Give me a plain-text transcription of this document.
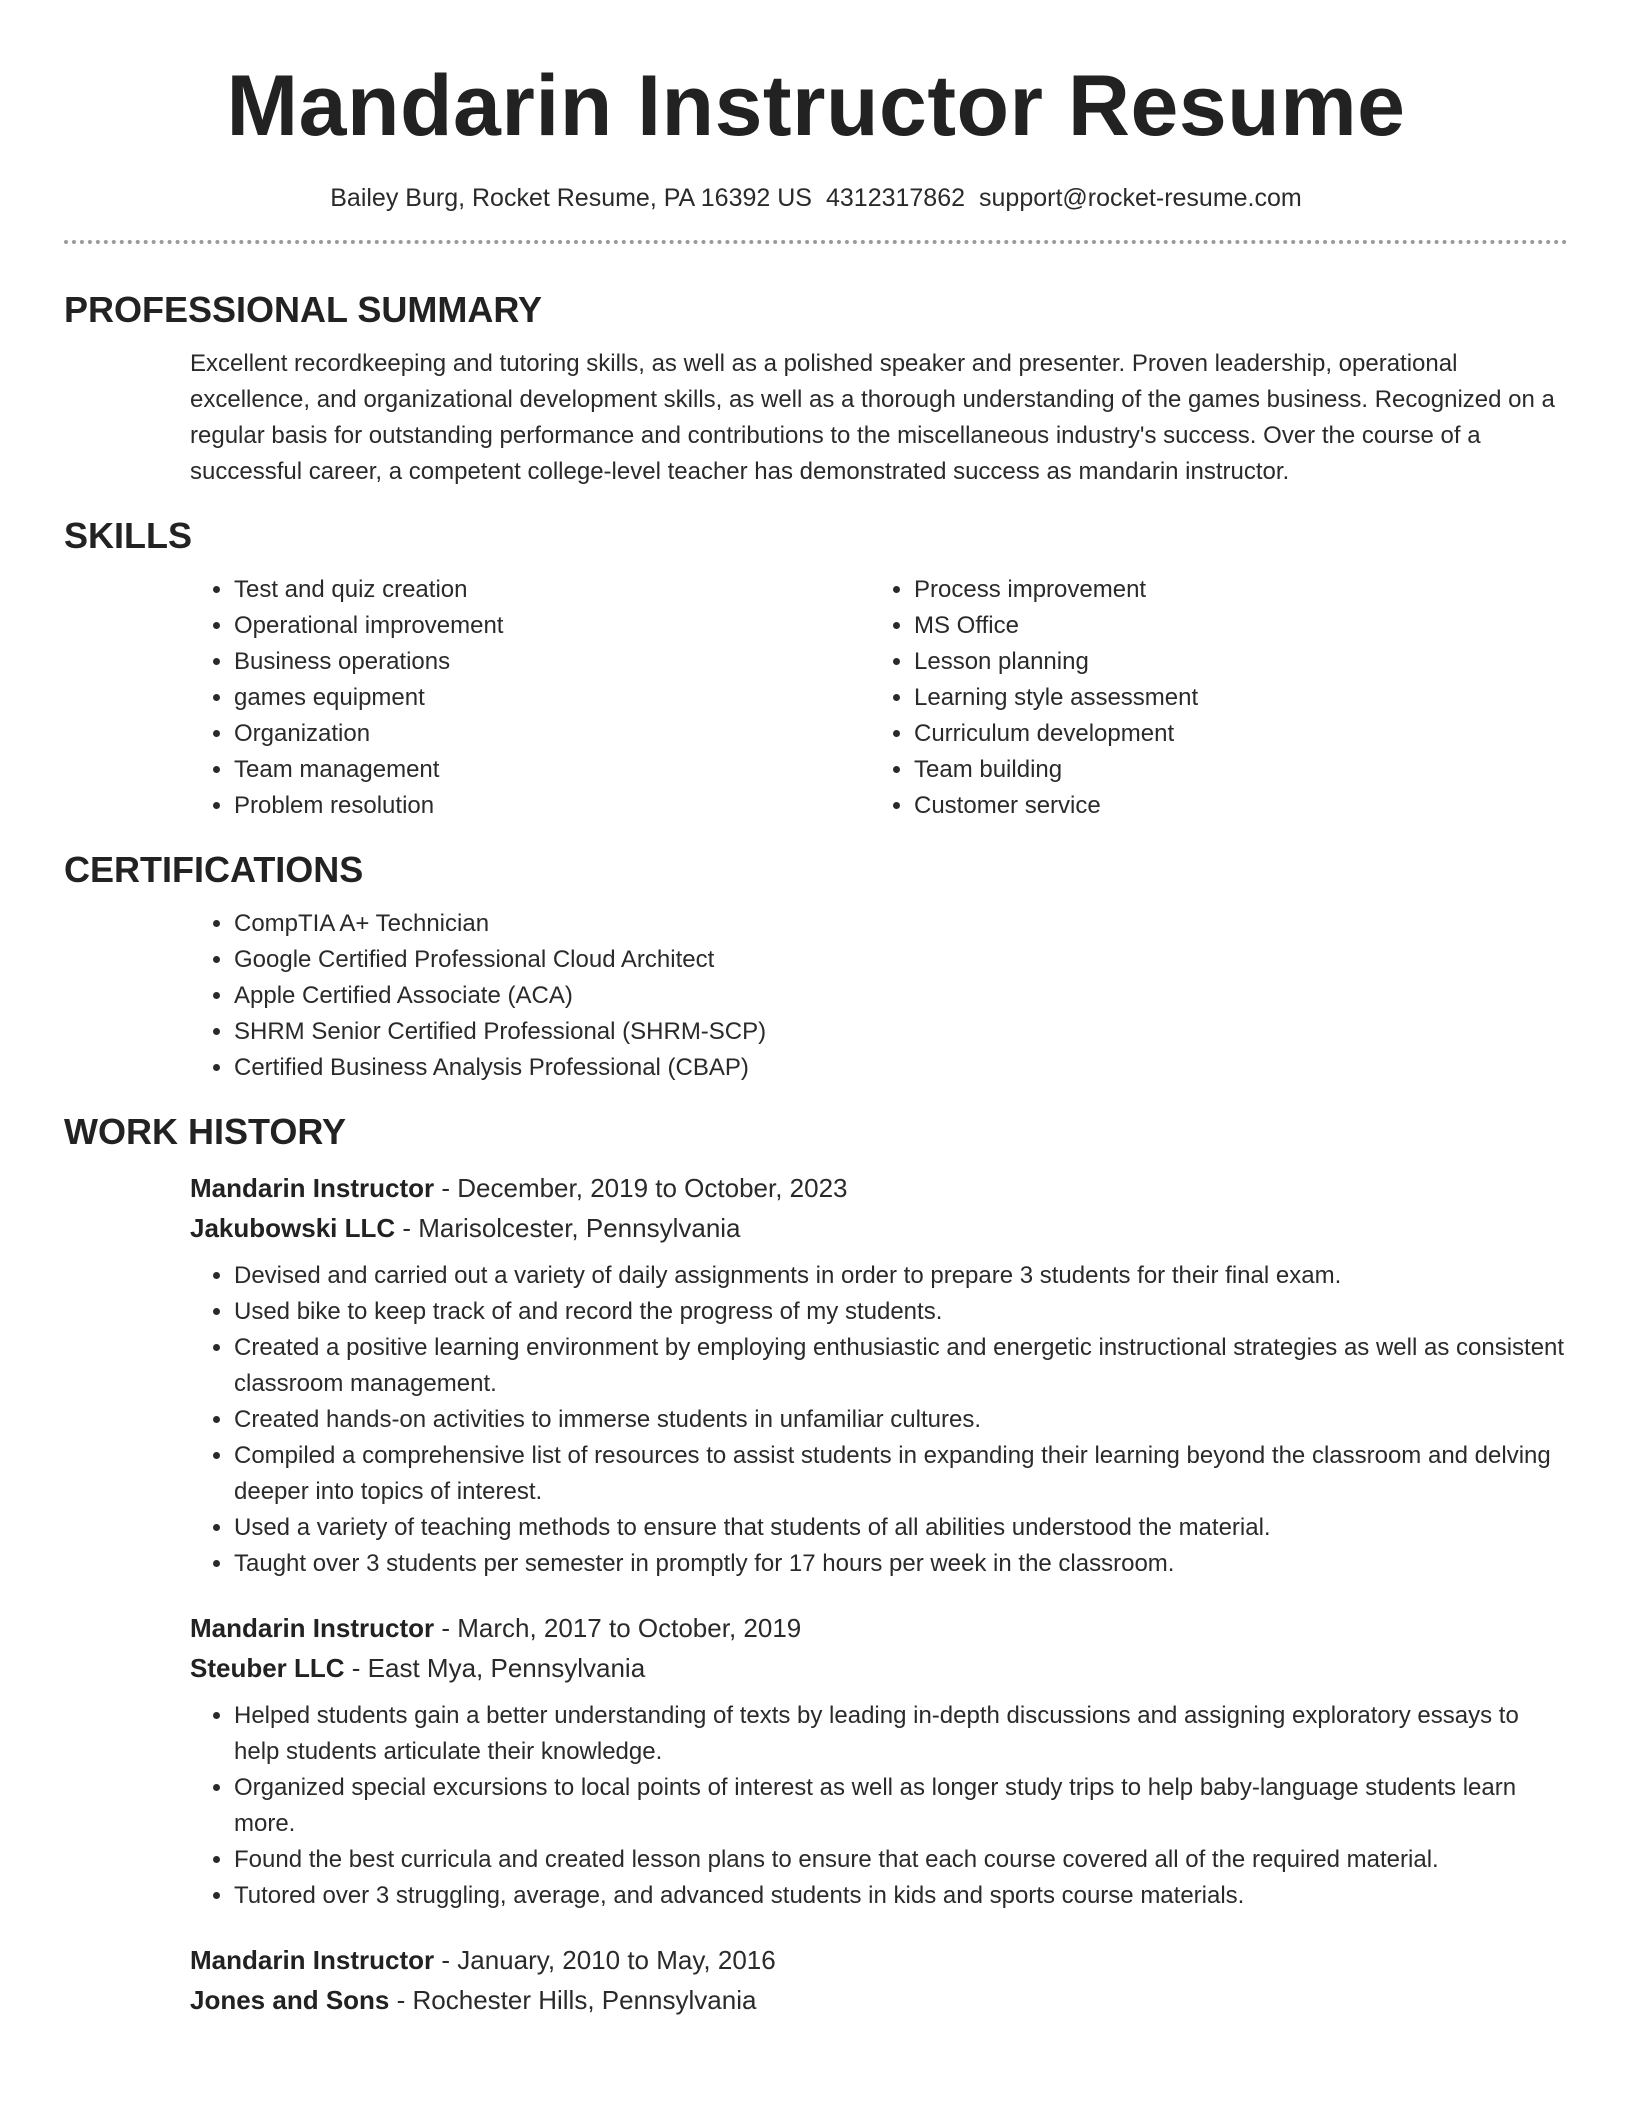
Mandarin Instructor Resume
Bailey Burg, Rocket Resume, PA 16392 US 4312317862 support@rocket-resume.com
PROFESSIONAL SUMMARY

Excellent recordkeeping and tutoring skills, as well as a polished speaker and presenter. Proven leadership, operational excellence, and organizational development skills, as well as a thorough understanding of the games business. Recognized on a regular basis for outstanding performance and contributions to the miscellaneous industry's success. Over the course of a successful career, a competent college-level teacher has demonstrated success as mandarin instructor.

SKILLS
• Test and quiz creation
• Operational improvement
• Business operations
• games equipment
• Organization
• Team management
• Problem resolution
• Process improvement
• MS Office
• Lesson planning
• Learning style assessment
• Curriculum development
• Team building
• Customer service
CERTIFICATIONS
• CompTIA A+ Technician
• Google Certified Professional Cloud Architect
• Apple Certified Associate (ACA)
• SHRM Senior Certified Professional (SHRM-SCP)
• Certified Business Analysis Professional (CBAP)
WORK HISTORY
Mandarin Instructor - December, 2019 to October, 2023
Jakubowski LLC - Marisolcester, Pennsylvania
• Devised and carried out a variety of daily assignments in order to prepare 3 students for their final exam.
• Used bike to keep track of and record the progress of my students.
• Created a positive learning environment by employing enthusiastic and energetic instructional strategies as well as consistent classroom management.
• Created hands-on activities to immerse students in unfamiliar cultures.
• Compiled a comprehensive list of resources to assist students in expanding their learning beyond the classroom and delving deeper into topics of interest.
• Used a variety of teaching methods to ensure that students of all abilities understood the material.
• Taught over 3 students per semester in promptly for 17 hours per week in the classroom.
Mandarin Instructor - March, 2017 to October, 2019
Steuber LLC - East Mya, Pennsylvania
• Helped students gain a better understanding of texts by leading in-depth discussions and assigning exploratory essays to help students articulate their knowledge.
• Organized special excursions to local points of interest as well as longer study trips to help baby-language students learn more.
• Found the best curricula and created lesson plans to ensure that each course covered all of the required material.
• Tutored over 3 struggling, average, and advanced students in kids and sports course materials.
Mandarin Instructor - January, 2010 to May, 2016
Jones and Sons - Rochester Hills, Pennsylvania
